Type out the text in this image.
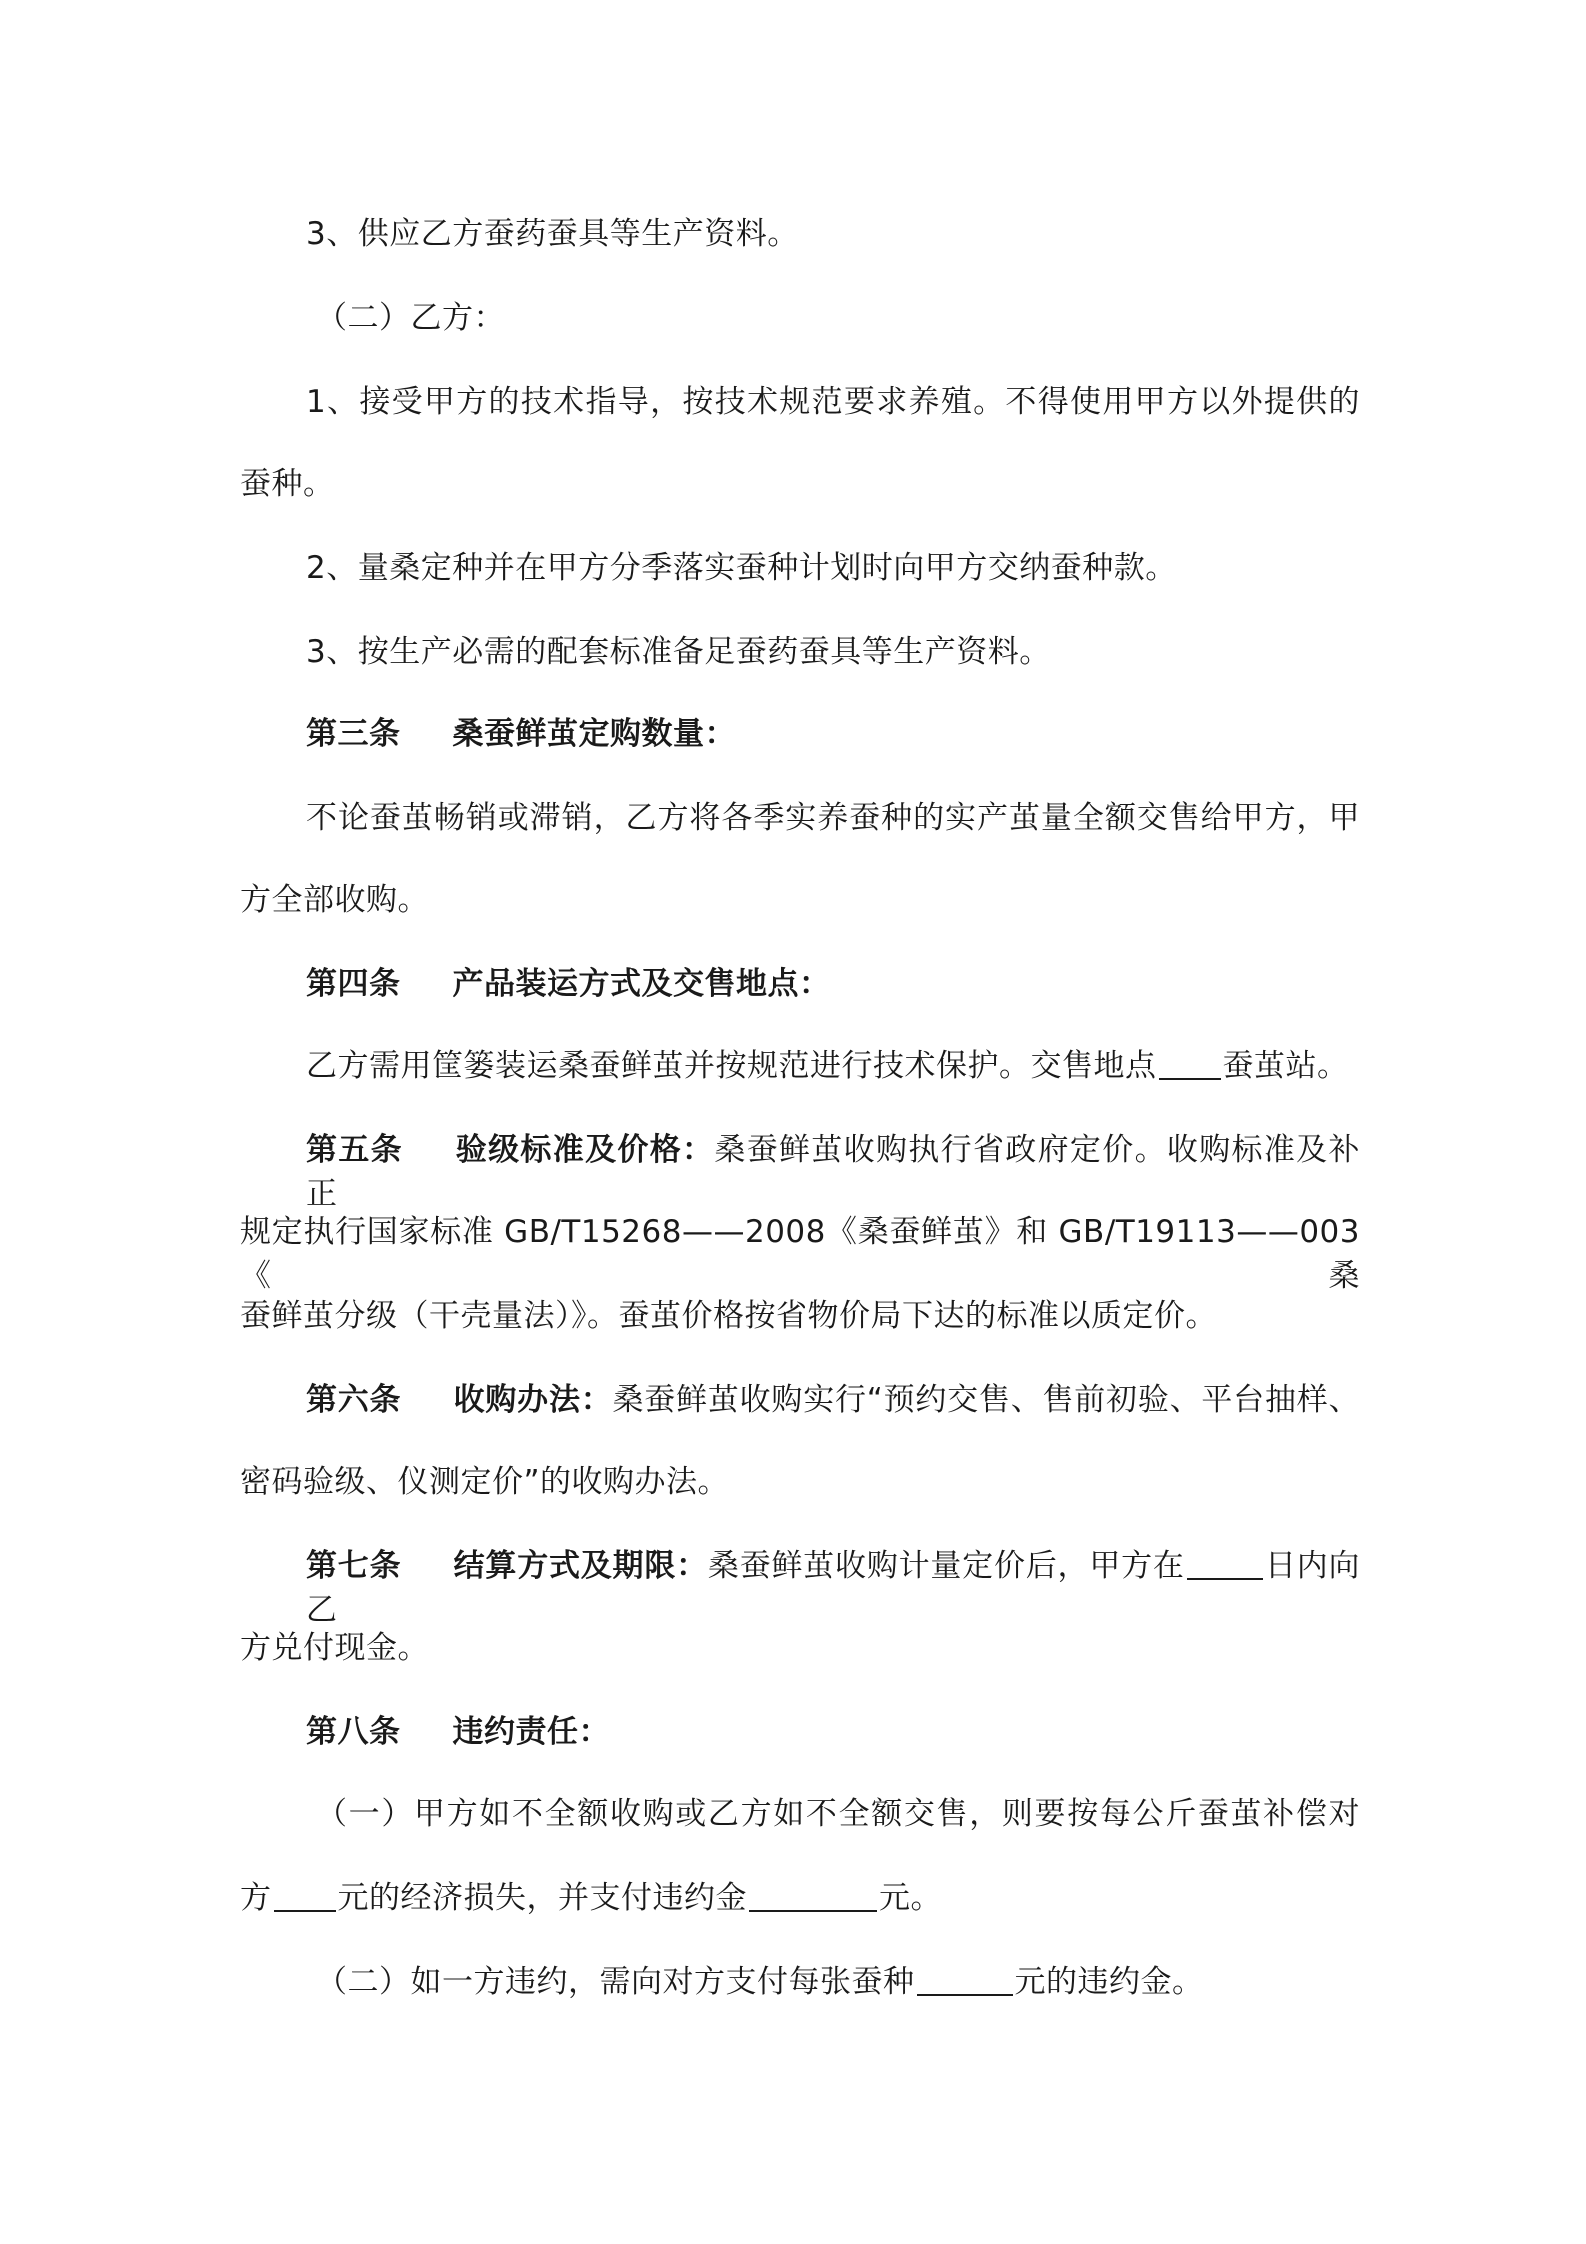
3、供应乙方蚕药蚕具等生产资料。
（二）乙方：
1、接受甲方的技术指导，按技术规范要求养殖。不得使用甲方以外提供的
蚕种。
2、量桑定种并在甲方分季落实蚕种计划时向甲方交纳蚕种款。
3、按生产必需的配套标准备足蚕药蚕具等生产资料。
第三条 桑蚕鲜茧定购数量：
不论蚕茧畅销或滞销，乙方将各季实养蚕种的实产茧量全额交售给甲方，甲
方全部收购。
第四条 产品装运方式及交售地点：
乙方需用筐篓装运桑蚕鲜茧并按规范进行技术保护。交售地点 蚕茧站。
第五条 验级标准及价格：桑蚕鲜茧收购执行省政府定价。收购标准及补正
规定执行国家标准 GB/T15268——2008《桑蚕鲜茧》和 GB/T19113——003《桑
蚕鲜茧分级（干壳量法）》。蚕茧价格按省物价局下达的标准以质定价。
第六条 收购办法：桑蚕鲜茧收购实行“预约交售、售前初验、平台抽样、
密码验级、仪测定价”的收购办法。
第七条 结算方式及期限：桑蚕鲜茧收购计量定价后，甲方在	日内向乙
方兑付现金。
第八条 违约责任：
（一）甲方如不全额收购或乙方如不全额交售，则要按每公斤蚕茧补偿对
方 元的经济损失，并支付违约金	元。
（二）如一方违约，需向对方支付每张蚕种	元的违约金。
